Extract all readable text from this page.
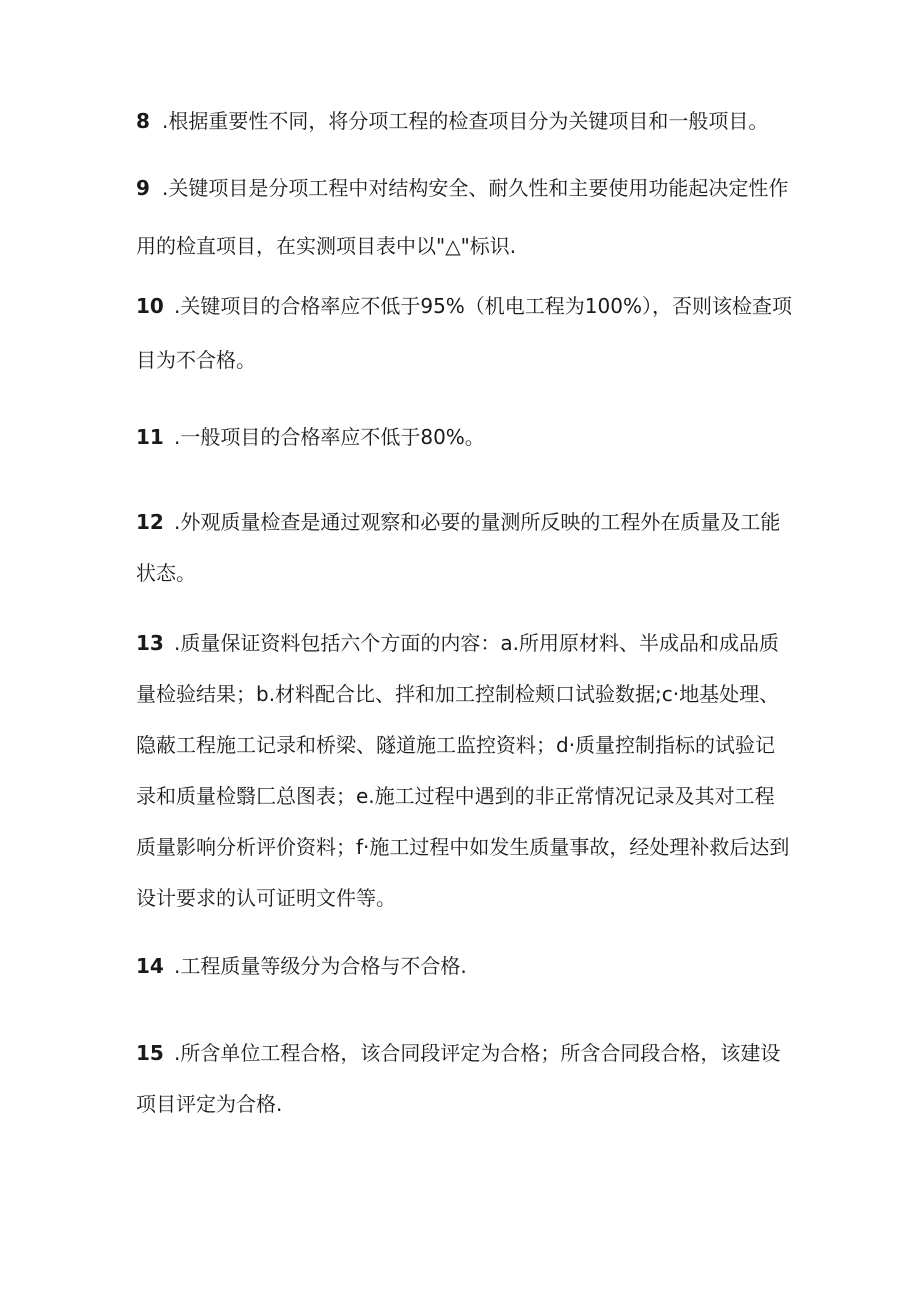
8 .根据重要性不同，将分项工程的检查项目分为关键项目和一般项目。
9 .关键项目是分项工程中对结构安全、耐久性和主要使用功能起决定性作
用的检直项目，在实测项目表中以"△"标识.
10 .关键项目的合格率应不低于95%（机电工程为100%），否则该检查项
目为不合格。
11 .一般项目的合格率应不低于80%。
12 .外观质量检查是通过观察和必要的量测所反映的工程外在质量及工能
状态。
13 .质量保证资料包括六个方面的内容：a.所用原材料、半成品和成品质
量检验结果；b.材料配合比、拌和加工控制检颊口试验数据;c·地基处理、
隐蔽工程施工记录和桥梁、隧道施工监控资料；d·质量控制指标的试验记
录和质量检翳匚总图表；e.施工过程中遇到的非正常情况记录及其对工程
质量影响分析评价资料；f·施工过程中如发生质量事故，经处理补救后达到
设计要求的认可证明文件等。
14 .工程质量等级分为合格与不合格.
15 .所含单位工程合格，该合同段评定为合格；所含合同段合格，该建设
项目评定为合格.
